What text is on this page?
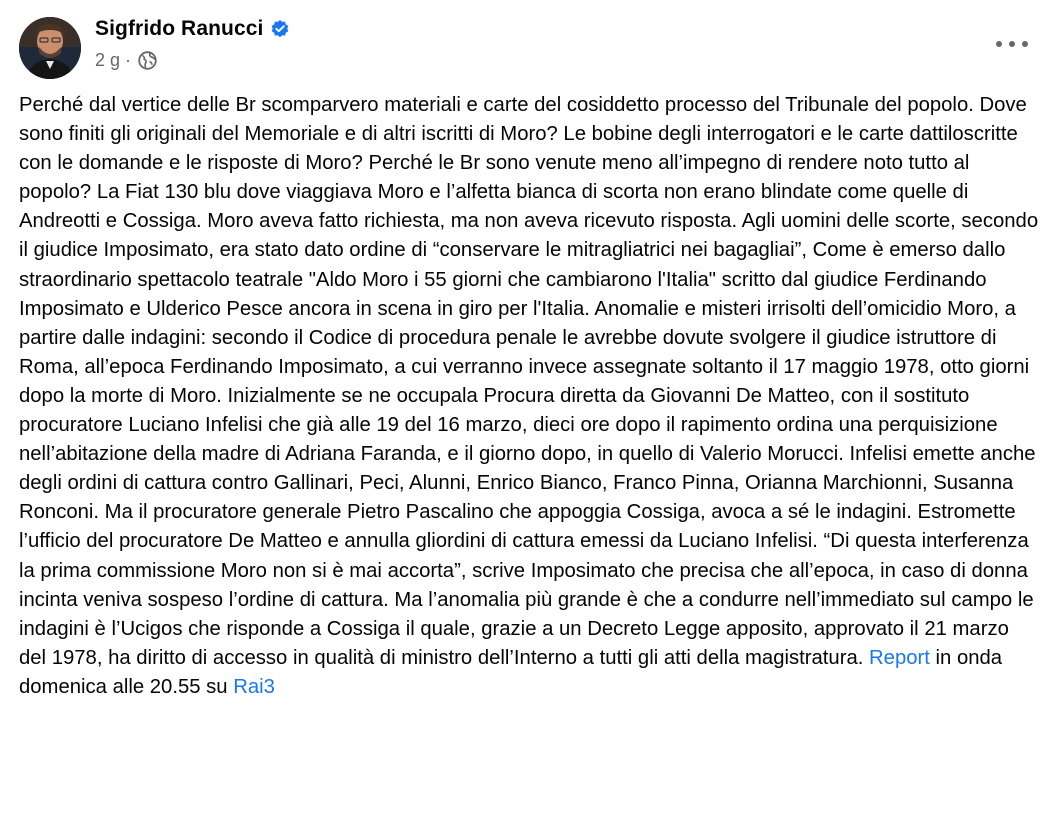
Sigfrido Ranucci
2 g ·

Perché dal vertice delle Br scomparvero materiali e carte del cosiddetto processo del Tribunale del popolo. Dove sono finiti gli originali del Memoriale e di altri iscritti di Moro? Le bobine degli interrogatori e le carte dattiloscritte con le domande e le risposte di Moro? Perché le Br sono venute meno all’impegno di rendere noto tutto al popolo? La Fiat 130 blu dove viaggiava Moro e l’alfetta bianca di scorta non erano blindate come quelle di Andreotti e Cossiga. Moro aveva fatto richiesta, ma non aveva ricevuto risposta. Agli uomini delle scorte, secondo il giudice Imposimato, era stato dato ordine di “conservare le mitragliatrici nei bagagliai”, Come è emerso dallo straordinario spettacolo teatrale "Aldo Moro i 55 giorni che cambiarono l'Italia" scritto dal giudice Ferdinando Imposimato e Ulderico Pesce ancora in scena in giro per l'Italia. Anomalie e misteri irrisolti dell’omicidio Moro, a partire dalle indagini: secondo il Codice di procedura penale le avrebbe dovute svolgere il giudice istruttore di Roma, all’epoca Ferdinando Imposimato, a cui verranno invece assegnate soltanto il 17 maggio 1978, otto giorni dopo la morte di Moro. Inizialmente se ne occupala Procura diretta da Giovanni De Matteo, con il sostituto procuratore Luciano Infelisi che già alle 19 del 16 marzo, dieci ore dopo il rapimento ordina una perquisizione nell’abitazione della madre di Adriana Faranda, e il giorno dopo, in quello di Valerio Morucci. Infelisi emette anche degli ordini di cattura contro Gallinari, Peci, Alunni, Enrico Bianco, Franco Pinna, Orianna Marchionni, Susanna Ronconi. Ma il procuratore generale Pietro Pascalino che appoggia Cossiga, avoca a sé le indagini. Estromette l’ufficio del procuratore De Matteo e annulla gliordini di cattura emessi da Luciano Infelisi. “Di questa interferenza la prima commissione Moro non si è mai accorta”, scrive Imposimato che precisa che all’epoca, in caso di donna incinta veniva sospeso l’ordine di cattura. Ma l’anomalia più grande è che a condurre nell’immediato sul campo le indagini è l’Ucigos che risponde a Cossiga il quale, grazie a un Decreto Legge apposito, approvato il 21 marzo del 1978, ha diritto di accesso in qualità di ministro dell’Interno a tutti gli atti della magistratura. Report in onda domenica alle 20.55 su Rai3
